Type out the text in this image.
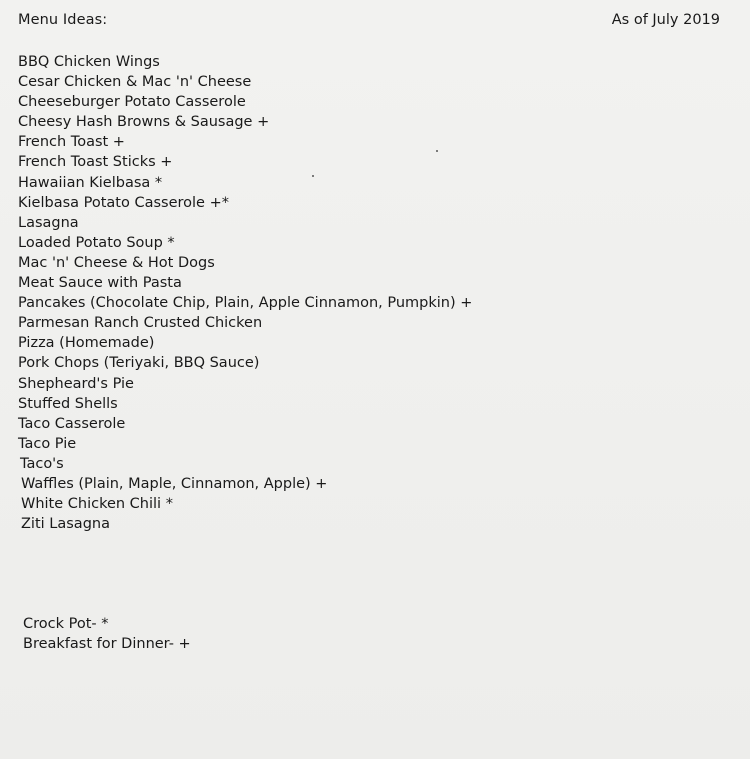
Menu Ideas:	As of July 2019
BBQ Chicken Wings
Cesar Chicken & Mac 'n' Cheese
Cheeseburger Potato Casserole
Cheesy Hash Browns & Sausage +
French Toast +
French Toast Sticks +
Hawaiian Kielbasa *
Kielbasa Potato Casserole +*
Lasagna
Loaded Potato Soup *
Mac 'n' Cheese & Hot Dogs
Meat Sauce with Pasta
Pancakes (Chocolate Chip, Plain, Apple Cinnamon, Pumpkin) +
Parmesan Ranch Crusted Chicken
Pizza (Homemade)
Pork Chops (Teriyaki, BBQ Sauce)
Shepheard's Pie
Stuffed Shells
Taco Casserole
Taco Pie
Taco's
Waffles (Plain, Maple, Cinnamon, Apple) +
White Chicken Chili *
Ziti Lasagna
Crock Pot- *
Breakfast for Dinner- +
